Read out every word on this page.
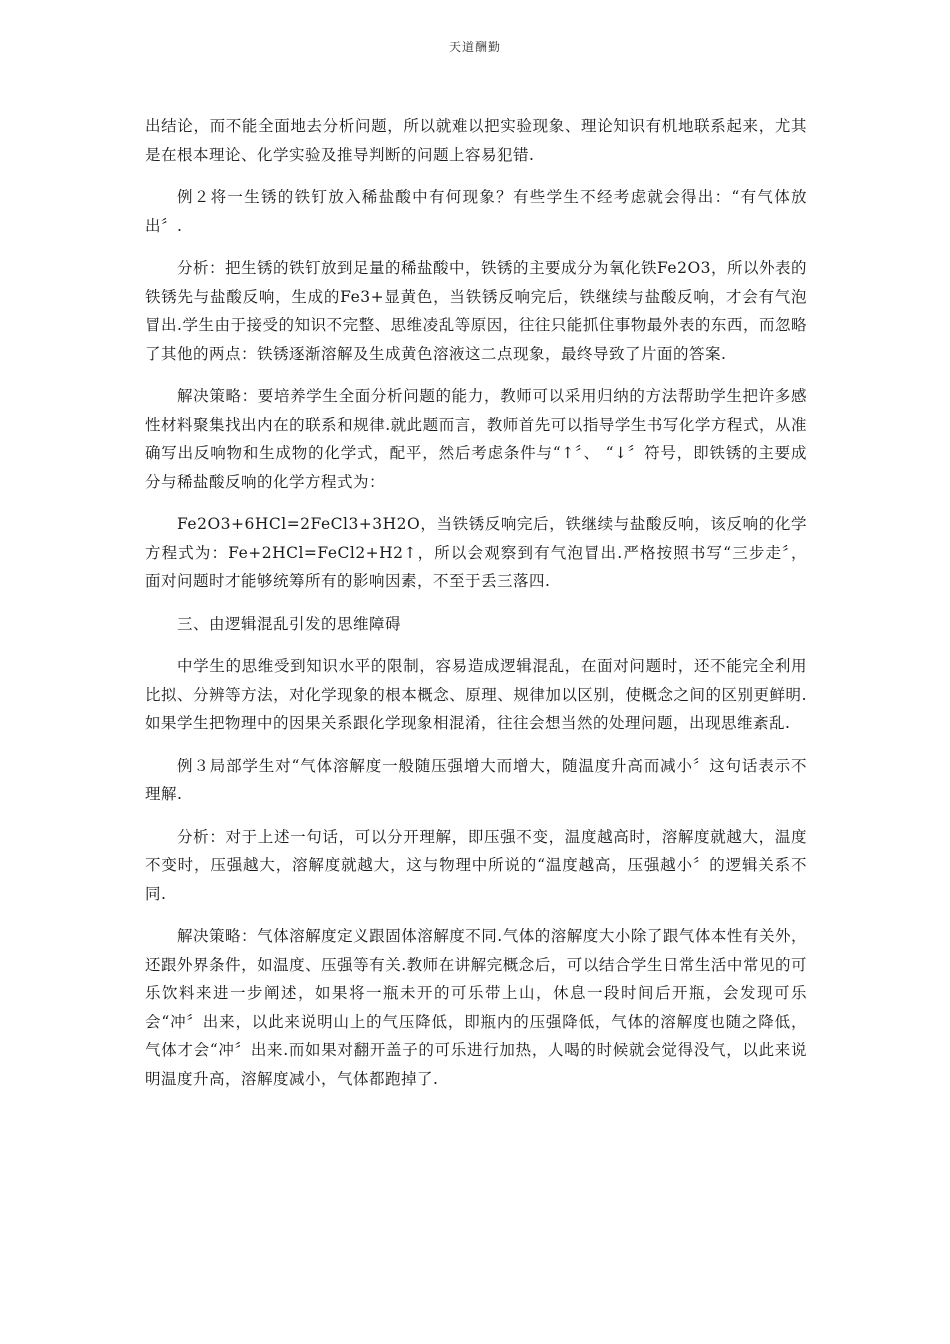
天道酬勤

出结论，而不能全面地去分析问题，所以就难以把实验现象、理论知识有机地联系起来，尤其是在根本理论、化学实验及推导判断的问题上容易犯错.

例２将一生锈的铁钉放入稀盐酸中有何现象？有些学生不经考虑就会得出：“有气体放出〞.

分析：把生锈的铁钉放到足量的稀盐酸中，铁锈的主要成分为氧化铁Fe2O3，所以外表的铁锈先与盐酸反响，生成的Fe3+显黄色，当铁锈反响完后，铁继续与盐酸反响，才会有气泡冒出.学生由于接受的知识不完整、思维凌乱等原因，往往只能抓住事物最外表的东西，而忽略了其他的两点：铁锈逐渐溶解及生成黄色溶液这二点现象，最终导致了片面的答案.

解决策略：要培养学生全面分析问题的能力，教师可以采用归纳的方法帮助学生把许多感性材料聚集找出内在的联系和规律.就此题而言，教师首先可以指导学生书写化学方程式，从准确写出反响物和生成物的化学式，配平，然后考虑条件与“↑〞、 “↓〞符号，即铁锈的主要成分与稀盐酸反响的化学方程式为：

Fe2O3+6HCl=2FeCl3+3H2O，当铁锈反响完后，铁继续与盐酸反响，该反响的化学方程式为：Fe+2HCl=FeCl2+H2↑，所以会观察到有气泡冒出.严格按照书写“三步走〞， 面对问题时才能够统筹所有的影响因素，不至于丢三落四.

三、由逻辑混乱引发的思维障碍

中学生的思维受到知识水平的限制，容易造成逻辑混乱，在面对问题时，还不能完全利用比拟、分辨等方法，对化学现象的根本概念、原理、规律加以区别，使概念之间的区别更鲜明.如果学生把物理中的因果关系跟化学现象相混淆，往往会想当然的处理问题，出现思维紊乱.

例３局部学生对“气体溶解度一般随压强增大而增大，随温度升高而减小〞这句话表示不理解.

分析：对于上述一句话，可以分开理解，即压强不变，温度越高时，溶解度就越大，温度不变时，压强越大，溶解度就越大，这与物理中所说的“温度越高，压强越小〞的逻辑关系不同.

解决策略：气体溶解度定义跟固体溶解度不同.气体的溶解度大小除了跟气体本性有关外，还跟外界条件，如温度、压强等有关.教师在讲解完概念后，可以结合学生日常生活中常见的可乐饮料来进一步阐述，如果将一瓶未开的可乐带上山，休息一段时间后开瓶，会发现可乐会“冲〞出来，以此来说明山上的气压降低，即瓶内的压强降低，气体的溶解度也随之降低，气体才会“冲〞出来.而如果对翻开盖子的可乐进行加热，人喝的时候就会觉得没气，以此来说明温度升高，溶解度减小，气体都跑掉了.
